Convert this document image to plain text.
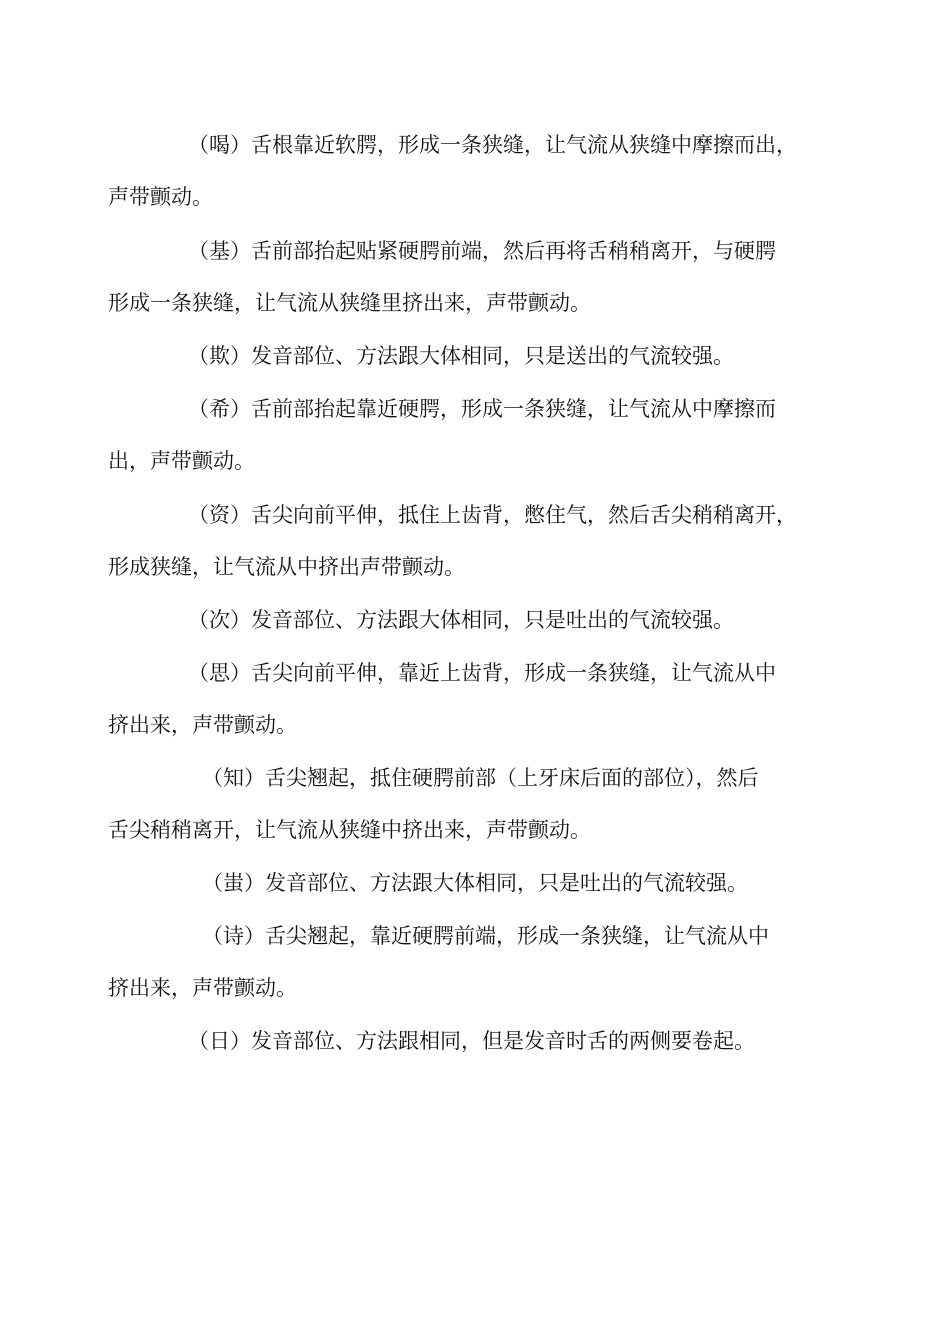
（喝）舌根靠近软腭，形成一条狭缝，让气流从狭缝中摩擦而出，
声带颤动。
（基）舌前部抬起贴紧硬腭前端，然后再将舌稍稍离开，与硬腭
形成一条狭缝，让气流从狭缝里挤出来，声带颤动。
（欺）发音部位、方法跟大体相同，只是送出的气流较强。
（希）舌前部抬起靠近硬腭，形成一条狭缝，让气流从中摩擦而
出，声带颤动。
（资）舌尖向前平伸，抵住上齿背，憋住气，然后舌尖稍稍离开，
形成狭缝，让气流从中挤出声带颤动。
（次）发音部位、方法跟大体相同，只是吐出的气流较强。
（思）舌尖向前平伸，靠近上齿背，形成一条狭缝，让气流从中
挤出来，声带颤动。
（知）舌尖翘起，抵住硬腭前部（上牙床后面的部位），然后
舌尖稍稍离开，让气流从狭缝中挤出来，声带颤动。
（蚩）发音部位、方法跟大体相同，只是吐出的气流较强。
（诗）舌尖翘起，靠近硬腭前端，形成一条狭缝，让气流从中
挤出来，声带颤动。
（日）发音部位、方法跟相同，但是发音时舌的两侧要卷起。
